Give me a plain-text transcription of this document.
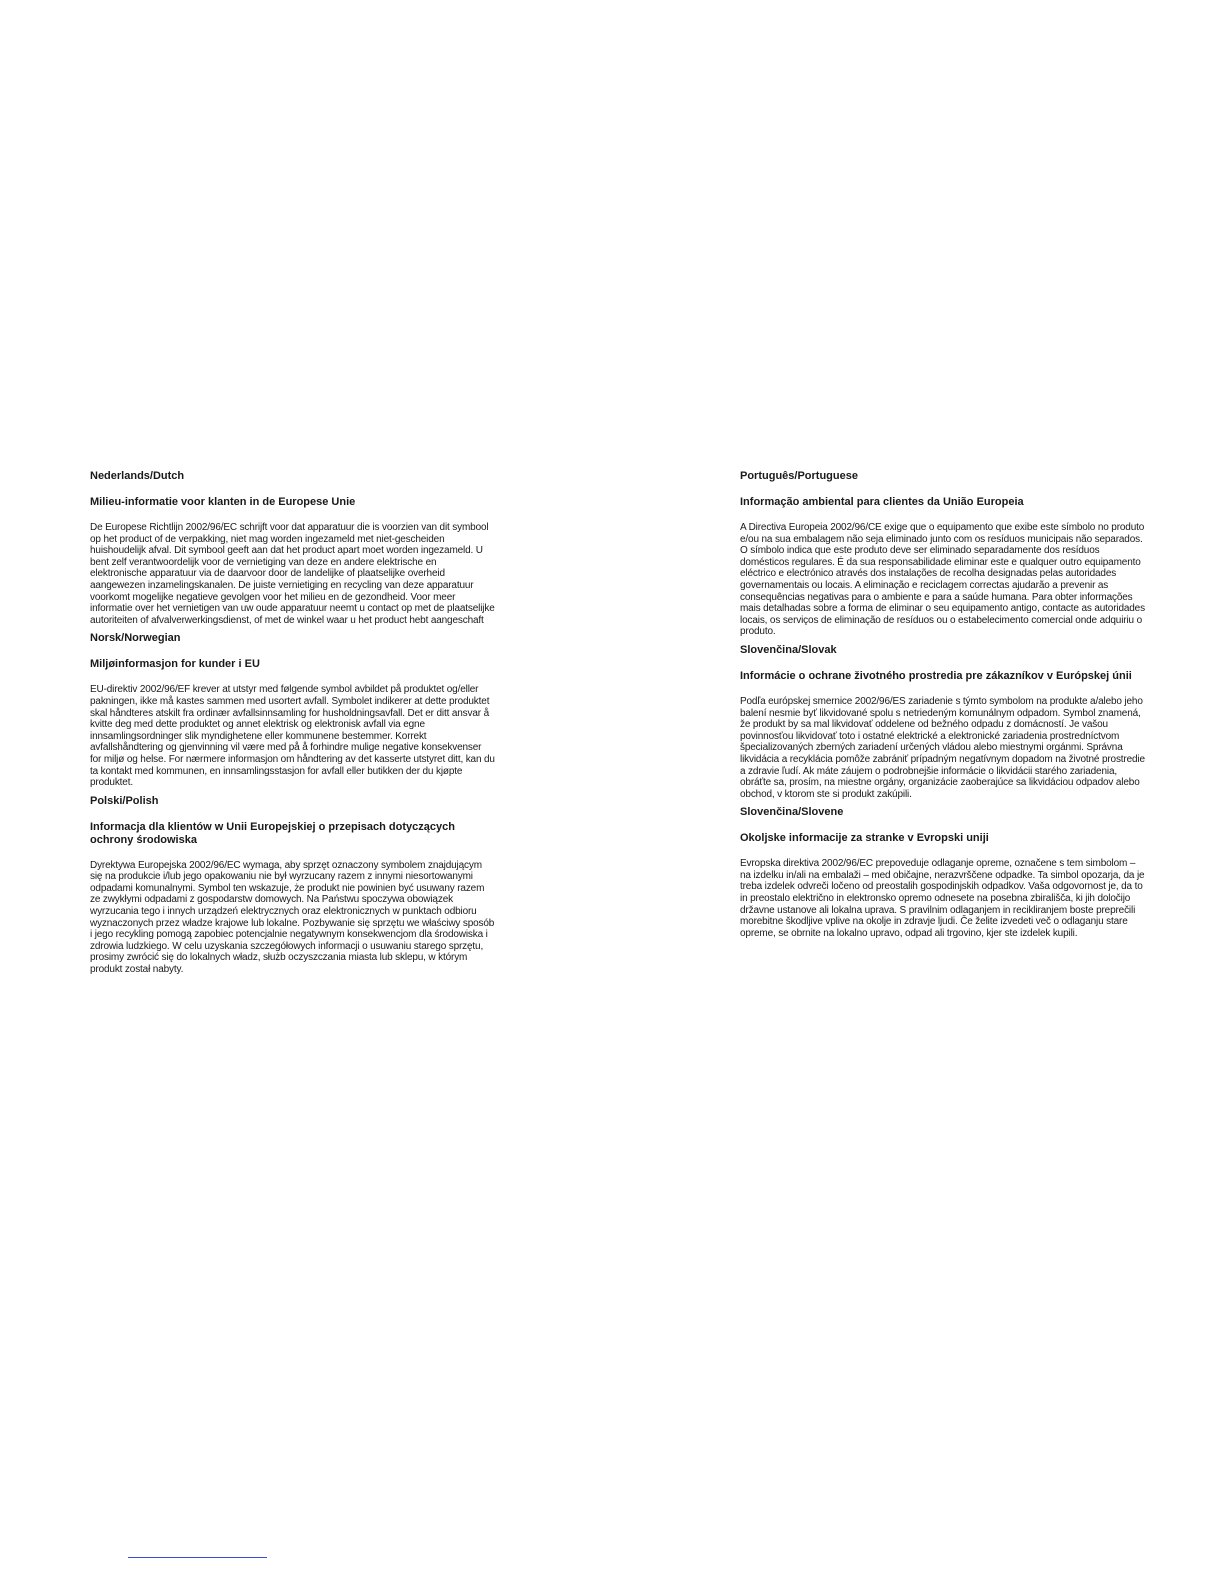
Nederlands/Dutch
Milieu-informatie voor klanten in de Europese Unie
De Europese Richtlijn 2002/96/EC schrijft voor dat apparatuur die is voorzien van dit symbool op het product of de verpakking, niet mag worden ingezameld met niet-gescheiden huishoudelijk afval. Dit symbool geeft aan dat het product apart moet worden ingezameld. U bent zelf verantwoordelijk voor de vernietiging van deze en andere elektrische en elektronische apparatuur via de daarvoor door de landelijke of plaatselijke overheid aangewezen inzamelingskanalen. De juiste vernietiging en recycling van deze apparatuur voorkomt mogelijke negatieve gevolgen voor het milieu en de gezondheid. Voor meer informatie over het vernietigen van uw oude apparatuur neemt u contact op met de plaatselijke autoriteiten of afvalverwerkingsdienst, of met de winkel waar u het product hebt aangeschaft
Norsk/Norwegian
Miljøinformasjon for kunder i EU
EU-direktiv 2002/96/EF krever at utstyr med følgende symbol avbildet på produktet og/eller pakningen, ikke må kastes sammen med usortert avfall. Symbolet indikerer at dette produktet skal håndteres atskilt fra ordinær avfallsinnsamling for husholdningsavfall. Det er ditt ansvar å kvitte deg med dette produktet og annet elektrisk og elektronisk avfall via egne innsamlingsordninger slik myndighetene eller kommunene bestemmer. Korrekt avfallshåndtering og gjenvinning vil være med på å forhindre mulige negative konsekvenser for miljø og helse. For nærmere informasjon om håndtering av det kasserte utstyret ditt, kan du ta kontakt med kommunen, en innsamlingsstasjon for avfall eller butikken der du kjøpte produktet.
Polski/Polish
Informacja dla klientów w Unii Europejskiej o przepisach dotyczących ochrony środowiska
Dyrektywa Europejska 2002/96/EC wymaga, aby sprzęt oznaczony symbolem znajdującym się na produkcie i/lub jego opakowaniu nie był wyrzucany razem z innymi niesortowanymi odpadami komunalnymi. Symbol ten wskazuje, że produkt nie powinien być usuwany razem ze zwykłymi odpadami z gospodarstw domowych. Na Państwu spoczywa obowiązek wyrzucania tego i innych urządzeń elektrycznych oraz elektronicznych w punktach odbioru wyznaczonych przez władze krajowe lub lokalne. Pozbywanie się sprzętu we właściwy sposób i jego recykling pomogą zapobiec potencjalnie negatywnym konsekwencjom dla środowiska i zdrowia ludzkiego. W celu uzyskania szczegółowych informacji o usuwaniu starego sprzętu, prosimy zwrócić się do lokalnych władz, służb oczyszczania miasta lub sklepu, w którym produkt został nabyty.
Português/Portuguese
Informação ambiental para clientes da União Europeia
A Directiva Europeia 2002/96/CE exige que o equipamento que exibe este símbolo no produto e/ou na sua embalagem não seja eliminado junto com os resíduos municipais não separados. O símbolo indica que este produto deve ser eliminado separadamente dos resíduos domésticos regulares. É da sua responsabilidade eliminar este e qualquer outro equipamento eléctrico e electrónico através dos instalações de recolha designadas pelas autoridades governamentais ou locais. A eliminação e reciclagem correctas ajudarão a prevenir as consequências negativas para o ambiente e para a saúde humana. Para obter informações mais detalhadas sobre a forma de eliminar o seu equipamento antigo, contacte as autoridades locais, os serviços de eliminação de resíduos ou o estabelecimento comercial onde adquiriu o produto.
Slovenčina/Slovak
Informácie o ochrane životného prostredia pre zákazníkov v Európskej únii
Podľa európskej smernice 2002/96/ES zariadenie s týmto symbolom na produkte a/alebo jeho balení nesmie byť likvidované spolu s netriedeným komunálnym odpadom. Symbol znamená, že produkt by sa mal likvidovať oddelene od bežného odpadu z domácností. Je vašou povinnosťou likvidovať toto i ostatné elektrické a elektronické zariadenia prostredníctvom špecializovaných zberných zariadení určených vládou alebo miestnymi orgánmi. Správna likvidácia a recyklácia pomôže zabrániť prípadným negatívnym dopadom na životné prostredie a zdravie ľudí. Ak máte záujem o podrobnejšie informácie o likvidácii starého zariadenia, obráťte sa, prosím, na miestne orgány, organizácie zaoberajúce sa likvidáciou odpadov alebo obchod, v ktorom ste si produkt zakúpili.
Slovenčina/Slovene
Okoljske informacije za stranke v Evropski uniji
Evropska direktiva 2002/96/EC prepoveduje odlaganje opreme, označene s tem simbolom – na izdelku in/ali na embalaži – med običajne, nerazvrščene odpadke. Ta simbol opozarja, da je treba izdelek odvreči ločeno od preostalih gospodinjskih odpadkov. Vaša odgovornost je, da to in preostalo električno in elektronsko opremo odnesete na posebna zbirališča, ki jih določijo državne ustanove ali lokalna uprava. S pravilnim odlaganjem in recikliranjem boste preprečili morebitne škodljive vplive na okolje in zdravje ljudi. Če želite izvedeti več o odlaganju stare opreme, se obrnite na lokalno upravo, odpad ali trgovino, kjer ste izdelek kupili.
